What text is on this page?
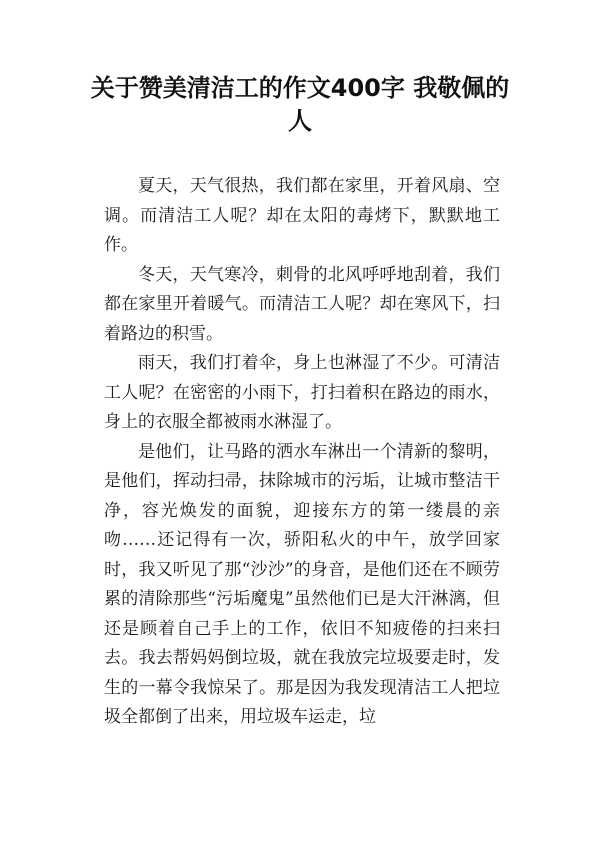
关于赞美清洁工的作文400字 我敬佩的人

夏天，天气很热，我们都在家里，开着风扇、空调。而清洁工人呢？却在太阳的毒烤下，默默地工作。

冬天，天气寒冷，刺骨的北风呼呼地刮着，我们都在家里开着暖气。而清洁工人呢？却在寒风下，扫着路边的积雪。

雨天，我们打着伞，身上也淋湿了不少。可清洁工人呢？在密密的小雨下，打扫着积在路边的雨水，身上的衣服全都被雨水淋湿了。

是他们，让马路的洒水车淋出一个清新的黎明，是他们，挥动扫帚，抹除城市的污垢，让城市整洁干净，容光焕发的面貌，迎接东方的第一缕晨的亲吻……还记得有一次，骄阳私火的中午，放学回家时，我又听见了那“沙沙”的身音，是他们还在不顾劳累的清除那些“污垢魔鬼”虽然他们已是大汗淋漓，但还是顾着自己手上的工作，依旧不知疲倦的扫来扫去。我去帮妈妈倒垃圾，就在我放完垃圾要走时，发生的一幕令我惊呆了。那是因为我发现清洁工人把垃圾全都倒了出来，用垃圾车运走，垃
